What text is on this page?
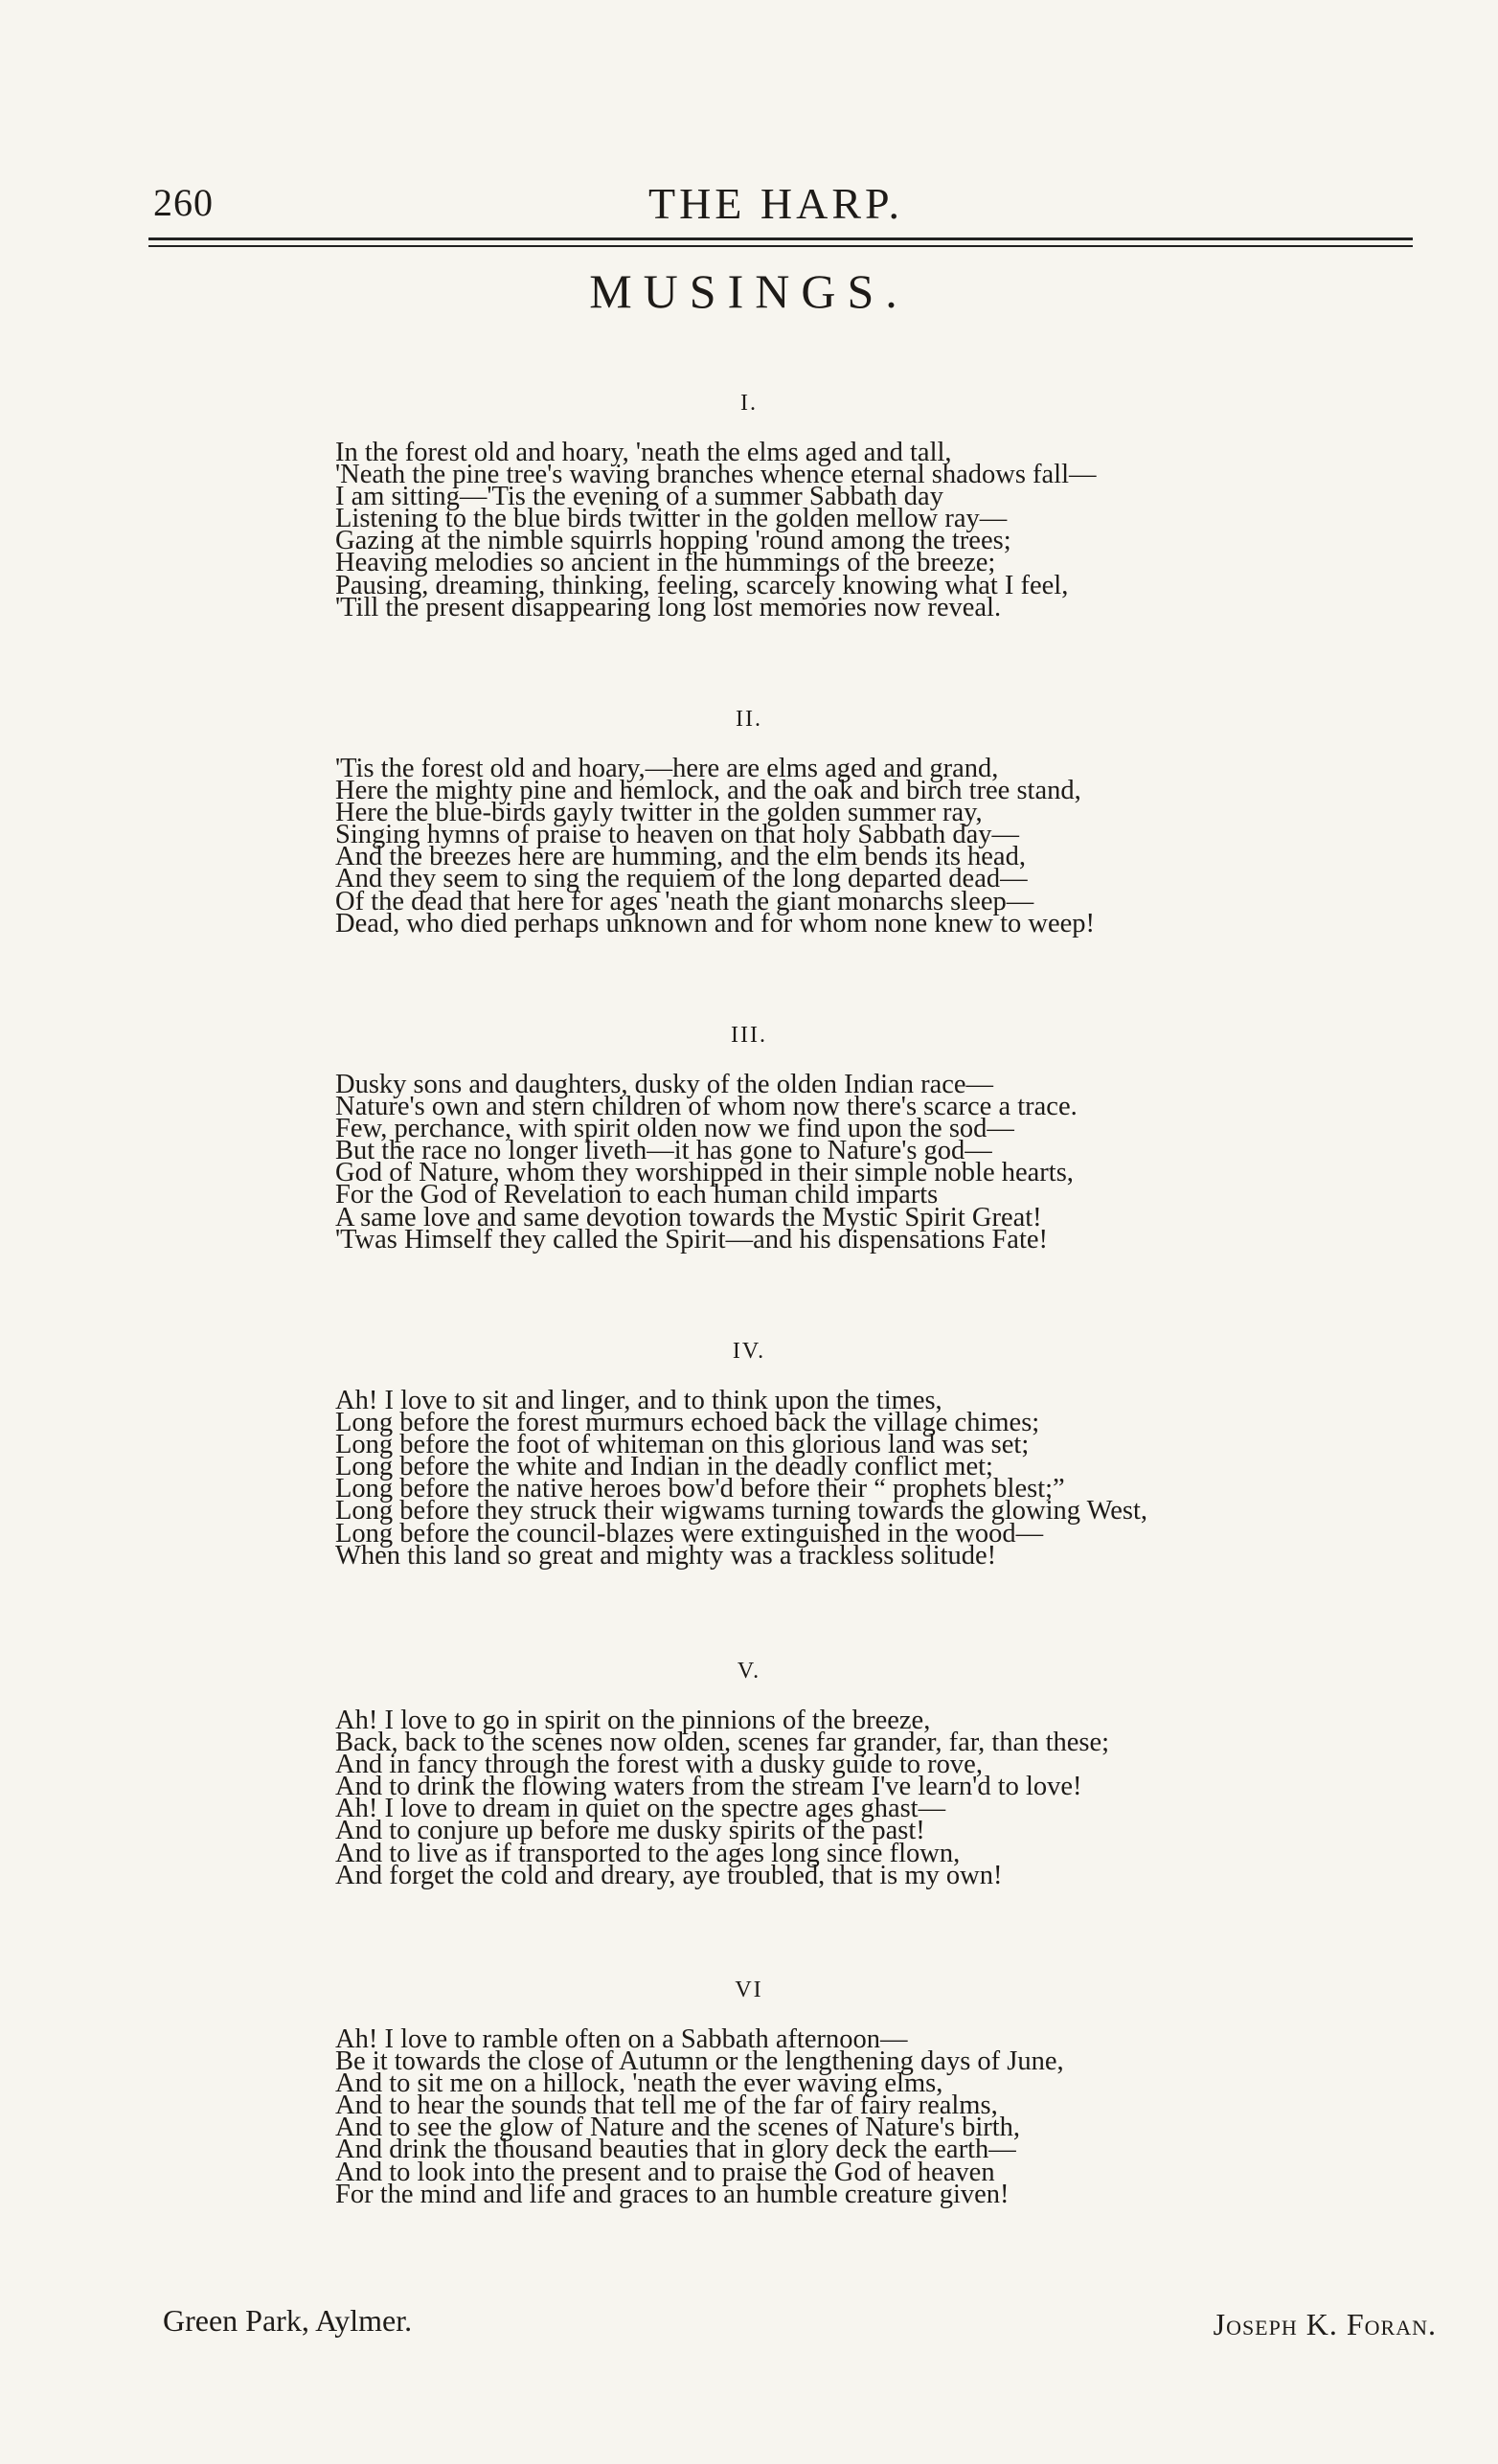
260	THE HARP.
MUSINGS.
I.
In the forest old and hoary, 'neath the elms aged and tall,
'Neath the pine tree's waving branches whence eternal shadows fall—
I am sitting—'Tis the evening of a summer Sabbath day
Listening to the blue birds twitter in the golden mellow ray—
Gazing at the nimble squirrls hopping 'round among the trees;
Heaving melodies so ancient in the hummings of the breeze;
Pausing, dreaming, thinking, feeling, scarcely knowing what I feel,
'Till the present disappearing long lost memories now reveal.
II.
'Tis the forest old and hoary,—here are elms aged and grand,
Here the mighty pine and hemlock, and the oak and birch tree stand,
Here the blue-birds gayly twitter in the golden summer ray,
Singing hymns of praise to heaven on that holy Sabbath day—
And the breezes here are humming, and the elm bends its head,
And they seem to sing the requiem of the long departed dead—
Of the dead that here for ages 'neath the giant monarchs sleep—
Dead, who died perhaps unknown and for whom none knew to weep!
III.
Dusky sons and daughters, dusky of the olden Indian race—
Nature's own and stern children of whom now there's scarce a trace.
Few, perchance, with spirit olden now we find upon the sod—
But the race no longer liveth—it has gone to Nature's god—
God of Nature, whom they worshipped in their simple noble hearts,
For the God of Revelation to each human child imparts
A same love and same devotion towards the Mystic Spirit Great!
'Twas Himself they called the Spirit—and his dispensations Fate!
IV.
Ah! I love to sit and linger, and to think upon the times,
Long before the forest murmurs echoed back the village chimes;
Long before the foot of whiteman on this glorious land was set;
Long before the white and Indian in the deadly conflict met;
Long before the native heroes bow'd before their “ prophets blest;”
Long before they struck their wigwams turning towards the glowing West,
Long before the council-blazes were extinguished in the wood—
When this land so great and mighty was a trackless solitude!
V.
Ah! I love to go in spirit on the pinnions of the breeze,
Back, back to the scenes now olden, scenes far grander, far, than these;
And in fancy through the forest with a dusky guide to rove,
And to drink the flowing waters from the stream I've learn'd to love!
Ah! I love to dream in quiet on the spectre ages ghast—
And to conjure up before me dusky spirits of the past!
And to live as if transported to the ages long since flown,
And forget the cold and dreary, aye troubled, that is my own!
VI
Ah! I love to ramble often on a Sabbath afternoon—
Be it towards the close of Autumn or the lengthening days of June,
And to sit me on a hillock, 'neath the ever waving elms,
And to hear the sounds that tell me of the far of fairy realms,
And to see the glow of Nature and the scenes of Nature's birth,
And drink the thousand beauties that in glory deck the earth—
And to look into the present and to praise the God of heaven
For the mind and life and graces to an humble creature given!
Green Park, Aylmer.	Joseph K. Foran.
